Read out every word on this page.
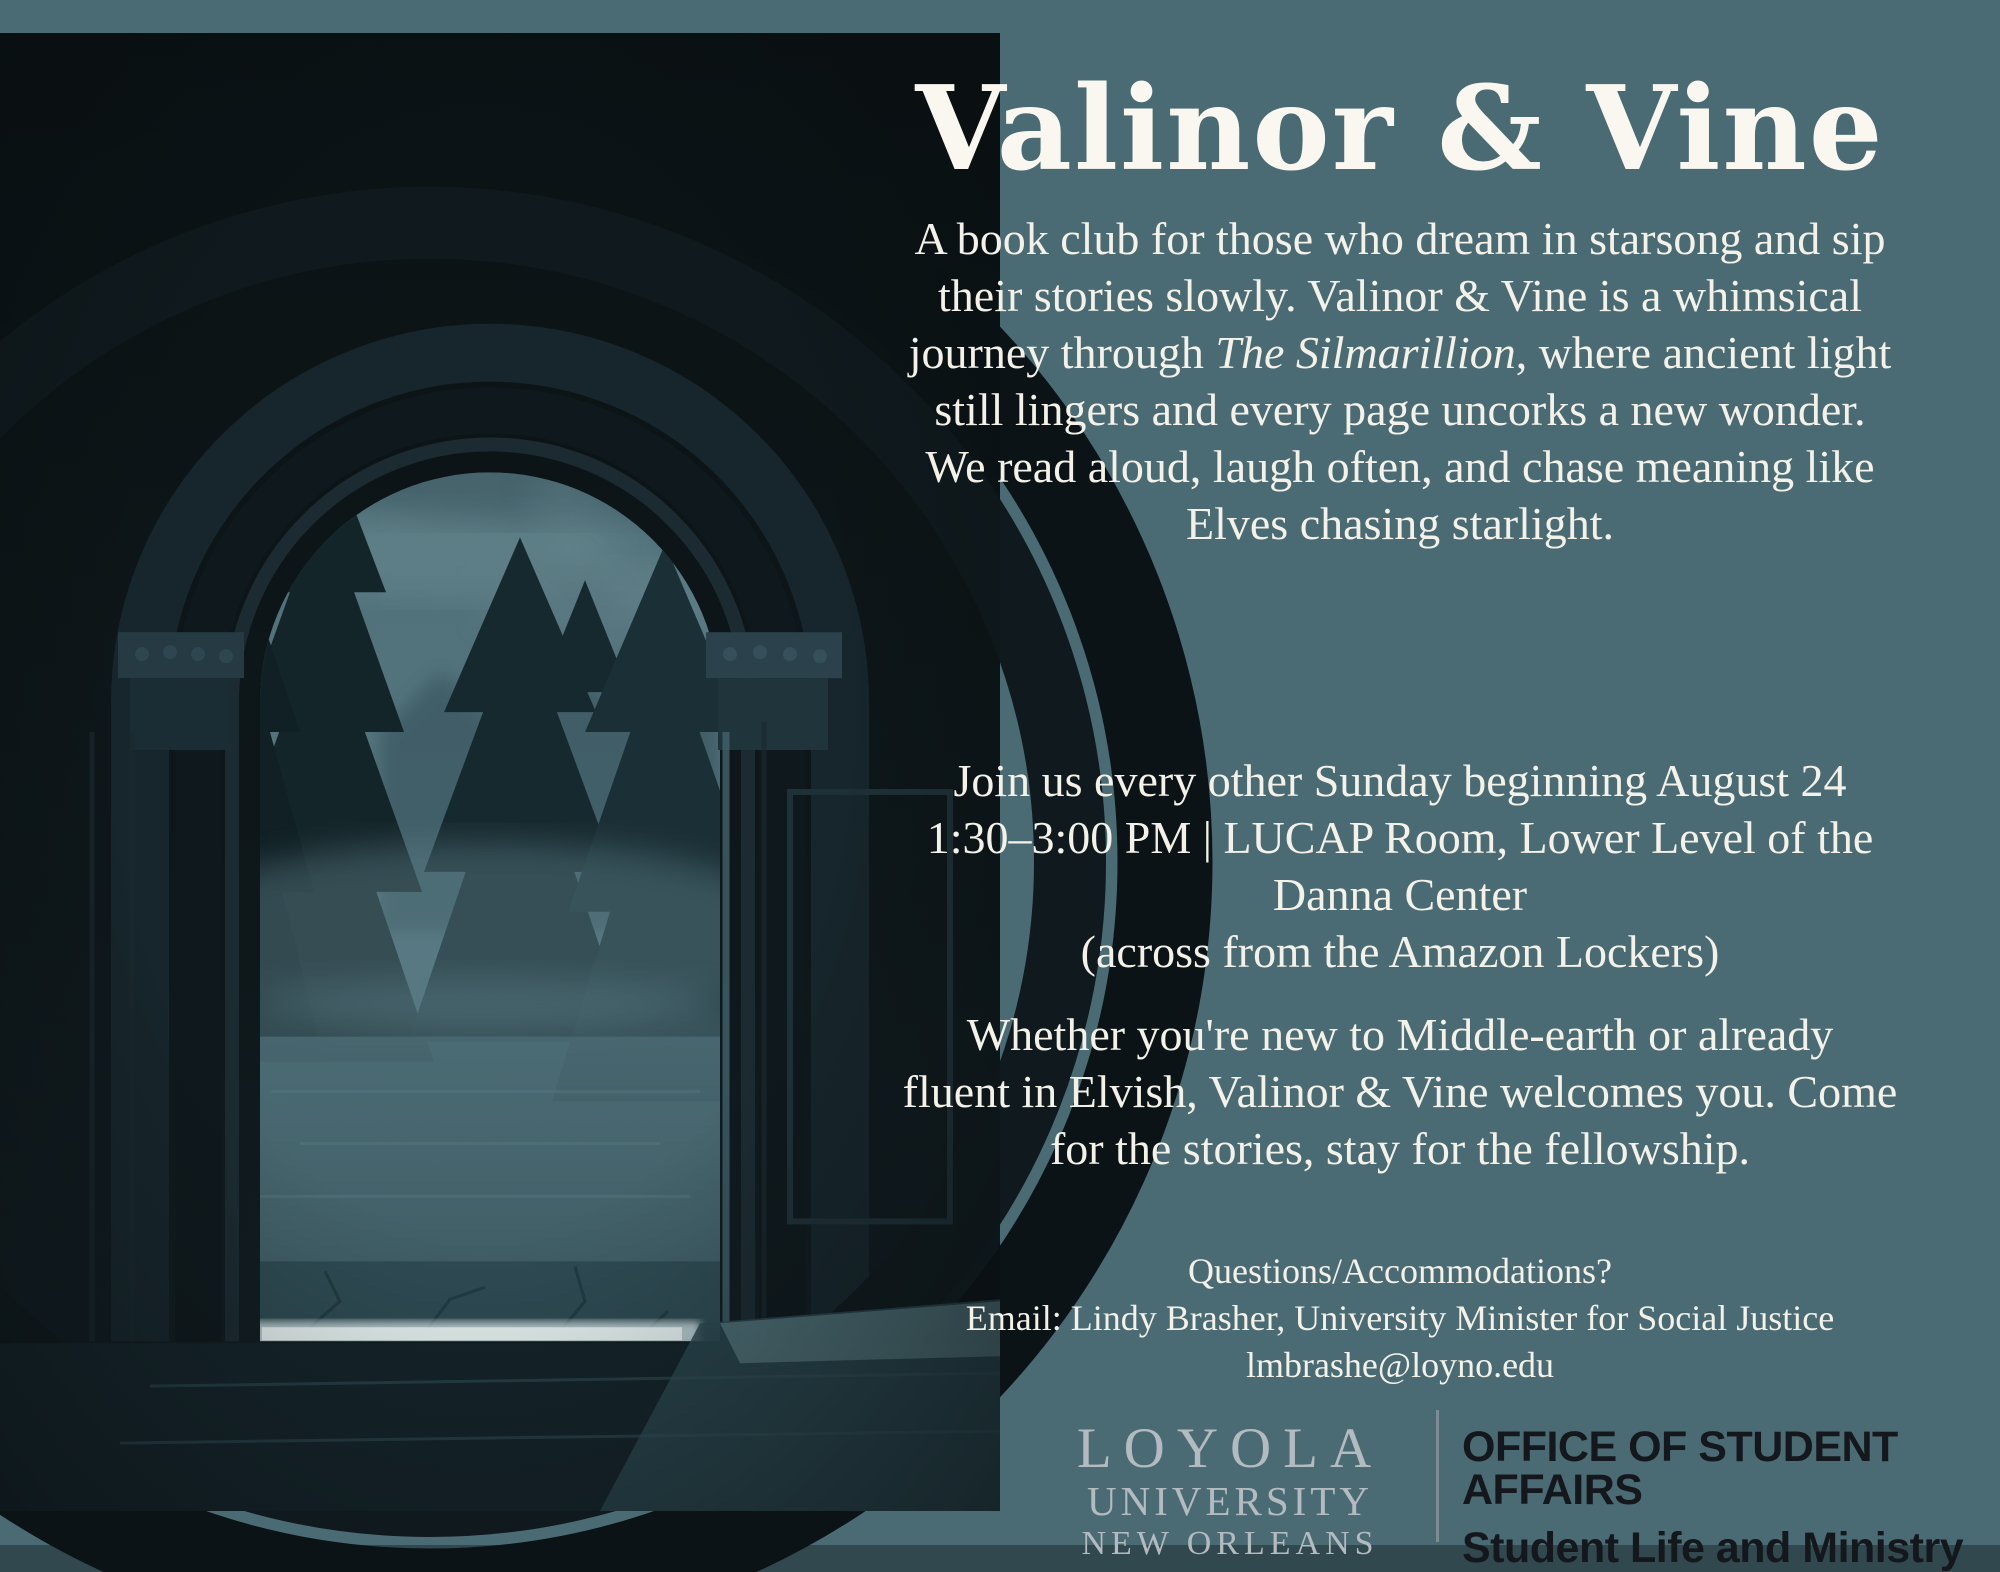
Valinor & Vine
A book club for those who dream in starsong and sip
their stories slowly. Valinor & Vine is a whimsical
journey through The Silmarillion, where ancient light
still lingers and every page uncorks a new wonder.
We read aloud, laugh often, and chase meaning like
Elves chasing starlight.
Join us every other Sunday beginning August 24
1:30–3:00 PM | LUCAP Room, Lower Level of the
Danna Center
(across from the Amazon Lockers)
Whether you're new to Middle-earth or already
fluent in Elvish, Valinor & Vine welcomes you. Come
for the stories, stay for the fellowship.
Questions/Accommodations?
Email: Lindy Brasher, University Minister for Social Justice
lmbrashe@loyno.edu
LOYOLA
UNIVERSITY
NEW ORLEANS
OFFICE OF STUDENT AFFAIRS
Student Life and Ministry
